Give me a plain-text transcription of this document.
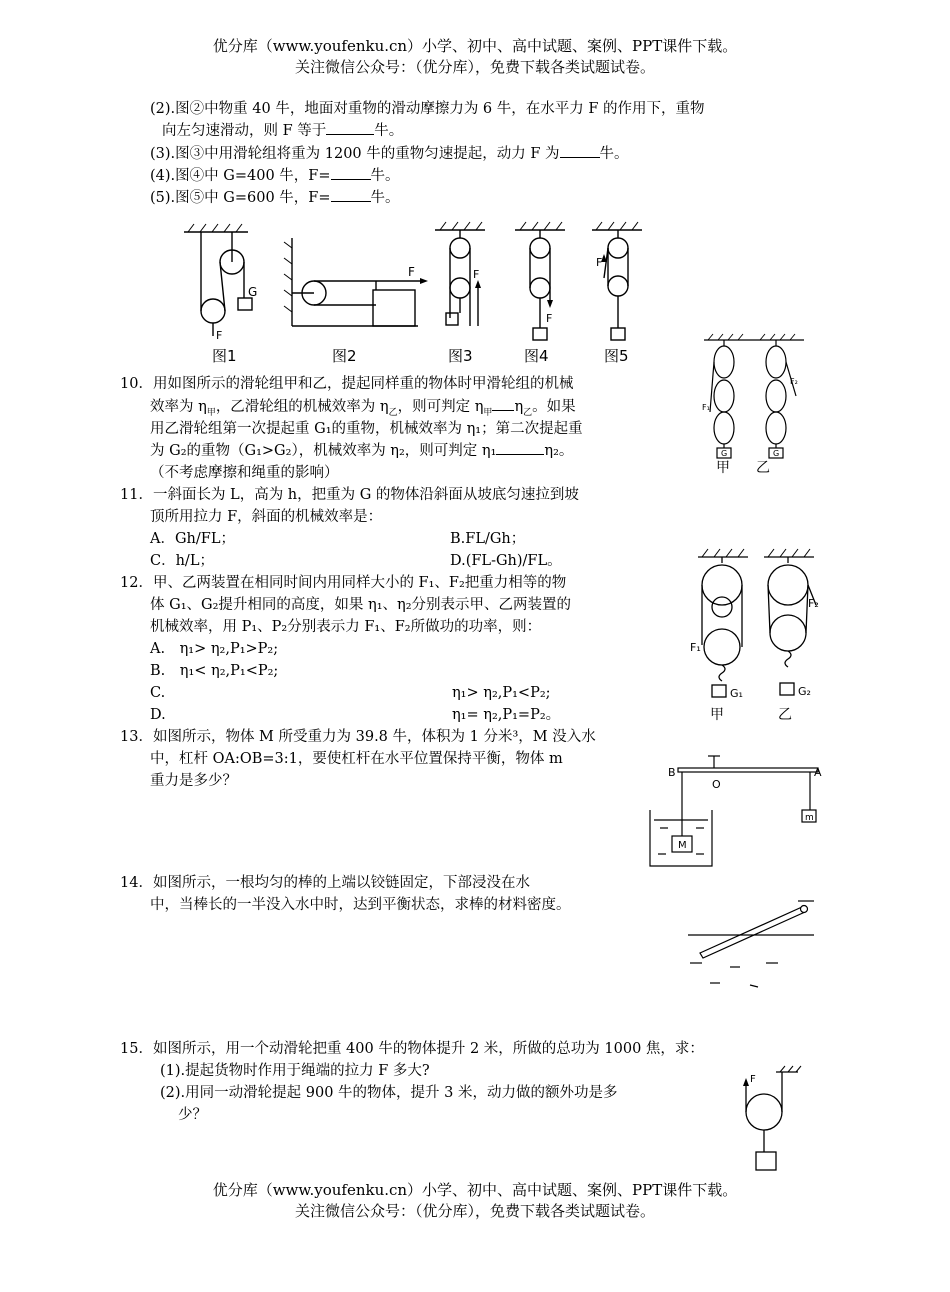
优分库（www.youfenku.cn）小学、初中、高中试题、案例、PPT课件下载。
关注微信公众号：（优分库），免费下载各类试题试卷。
(2).图②中物重 40 牛，地面对重物的滑动摩擦力为 6 牛，在水平力 F 的作用下，重物
向左匀速滑动，则 F 等于	牛。
(3).图③中用滑轮组将重为 1200 牛的重物匀速提起，动力 F 为	牛。
(4).图④中 G=400 牛，F=	牛。
(5).图⑤中 G=600 牛，F=	牛。
G
F
图1
F
图2
F
图3
F
图4
F
图5
10．用如图所示的滑轮组甲和乙，提起同样重的物体时甲滑轮组的机械
效率为 $\eta_甲$，乙滑轮组的机械效率为 $\eta_乙$，则可判定 $\eta_甲$ $\eta_乙$。如果
用乙滑轮组第一次提起重 G₁的重物，机械效率为 η₁；第二次提起重
为 G₂的重物（G₁>G₂），机械效率为 η₂，则可判定 η₁	η₂。
（不考虑摩擦和绳重的影响）
F₁
F₂
G	G
甲 乙
11．一斜面长为 L，高为 h，把重为 G 的物体沿斜面从坡底匀速拉到坡
顶所用拉力 F，斜面的机械效率是：
A．Gh/FL；	B.FL/Gh；
C．h/L；	D.(FL-Gh)/FL。
12．甲、乙两装置在相同时间内用同样大小的 F₁、F₂把重力相等的物
体 G₁、G₂提升相同的高度，如果 η₁、η₂分别表示甲、乙两装置的
机械效率，用 P₁、P₂分别表示力 F₁、F₂所做功的功率，则：
A.　η₁> η₂,P₁>P₂;
B.　η₁< η₂,P₁<P₂;
C.	η₁> η₂,P₁<P₂;
D.	η₁= η₂,P₁=P₂。
F₁
F₂
G₁	G₂
甲	乙
13．如图所示，物体 M 所受重力为 39.8 牛，体积为 1 分米³，M 没入水
中，杠杆 OA:OB=3:1，要使杠杆在水平位置保持平衡，物体 m
重力是多少？
B
O
A
M
m
14．如图所示，一根均匀的棒的上端以铰链固定，下部浸没在水
中，当棒长的一半没入水中时，达到平衡状态，求棒的材料密度。
15．如图所示，用一个动滑轮把重 400 牛的物体提升 2 米，所做的总功为 1000 焦，求：
(1).提起货物时作用于绳端的拉力 F 多大?
(2).用同一动滑轮提起 900 牛的物体，提升 3 米，动力做的额外功是多
少？
F
优分库（www.youfenku.cn）小学、初中、高中试题、案例、PPT课件下载。
关注微信公众号：（优分库），免费下载各类试题试卷。
